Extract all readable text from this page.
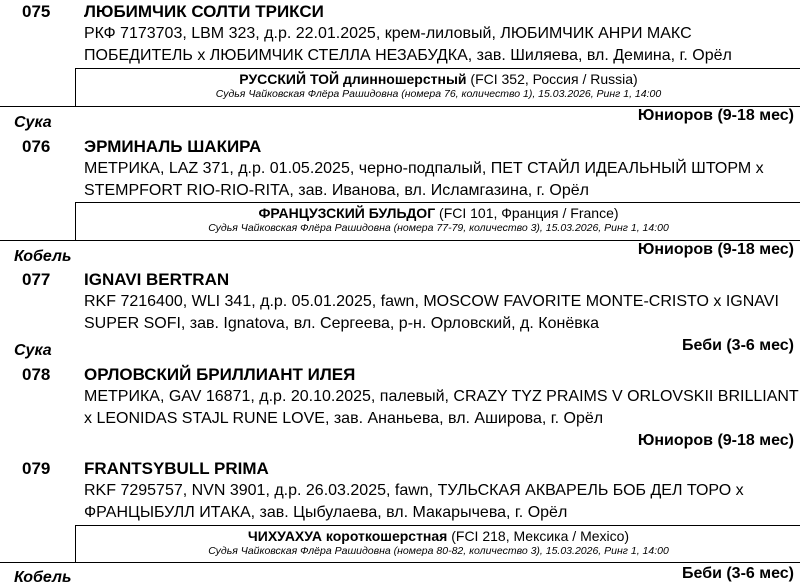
075 ЛЮБИМЧИК СОЛТИ ТРИКСИ
РКФ 7173703, LBM 323, д.р. 22.01.2025, крем-лиловый, ЛЮБИМЧИК АНРИ МАКС
ПОБЕДИТЕЛЬ х ЛЮБИМЧИК СТЕЛЛА НЕЗАБУДКА, зав. Шиляева, вл. Демина, г. Орёл
РУССКИЙ ТОЙ длинношерстный (FCI 352, Россия / Russia)
Судья Чайковская Флёра Рашидовна (номера 76, количество 1), 15.03.2026, Ринг 1, 14:00
Сука	Юниоров (9-18 мес)
076 ЭРМИНАЛЬ ШАКИРА
МЕТРИКА, LAZ 371, д.р. 01.05.2025, черно-подпалый, ПЕТ СТАЙЛ ИДЕАЛЬНЫЙ ШТОРМ х
STEMPFORT RIO-RIO-RITA, зав. Иванова, вл. Исламгазина, г. Орёл
ФРАНЦУЗСКИЙ БУЛЬДОГ (FCI 101, Франция / France)
Судья Чайковская Флёра Рашидовна (номера 77-79, количество 3), 15.03.2026, Ринг 1, 14:00
Кобель	Юниоров (9-18 мес)
077 IGNAVI BERTRAN
RKF 7216400, WLI 341, д.р. 05.01.2025, fawn, MOSCOW FAVORITE MONTE-CRISTO х IGNAVI
SUPER SOFI, зав. Ignatova, вл. Сергеева, р-н. Орловский, д. Конёвка
Сука	Беби (3-6 мес)
078 ОРЛОВСКИЙ БРИЛЛИАНТ ИЛЕЯ
МЕТРИКА, GAV 16871, д.р. 20.10.2025, палевый, CRAZY TYZ PRAIMS V ORLOVSKII BRILLIANT
х LEONIDAS STAJL RUNE LOVE, зав. Ананьева, вл. Аширова, г. Орёл
Юниоров (9-18 мес)
079 FRANTSYBULL PRIMA
RKF 7295757, NVN 3901, д.р. 26.03.2025, fawn, ТУЛЬСКАЯ АКВАРЕЛЬ БОБ ДЕЛ ТОРО х
ФРАНЦЫБУЛЛ ИТАКА, зав. Цыбулаева, вл. Макарычева, г. Орёл
ЧИХУАХУА короткошерстная (FCI 218, Мексика / Mexico)
Судья Чайковская Флёра Рашидовна (номера 80-82, количество 3), 15.03.2026, Ринг 1, 14:00
Кобель	Беби (3-6 мес)
